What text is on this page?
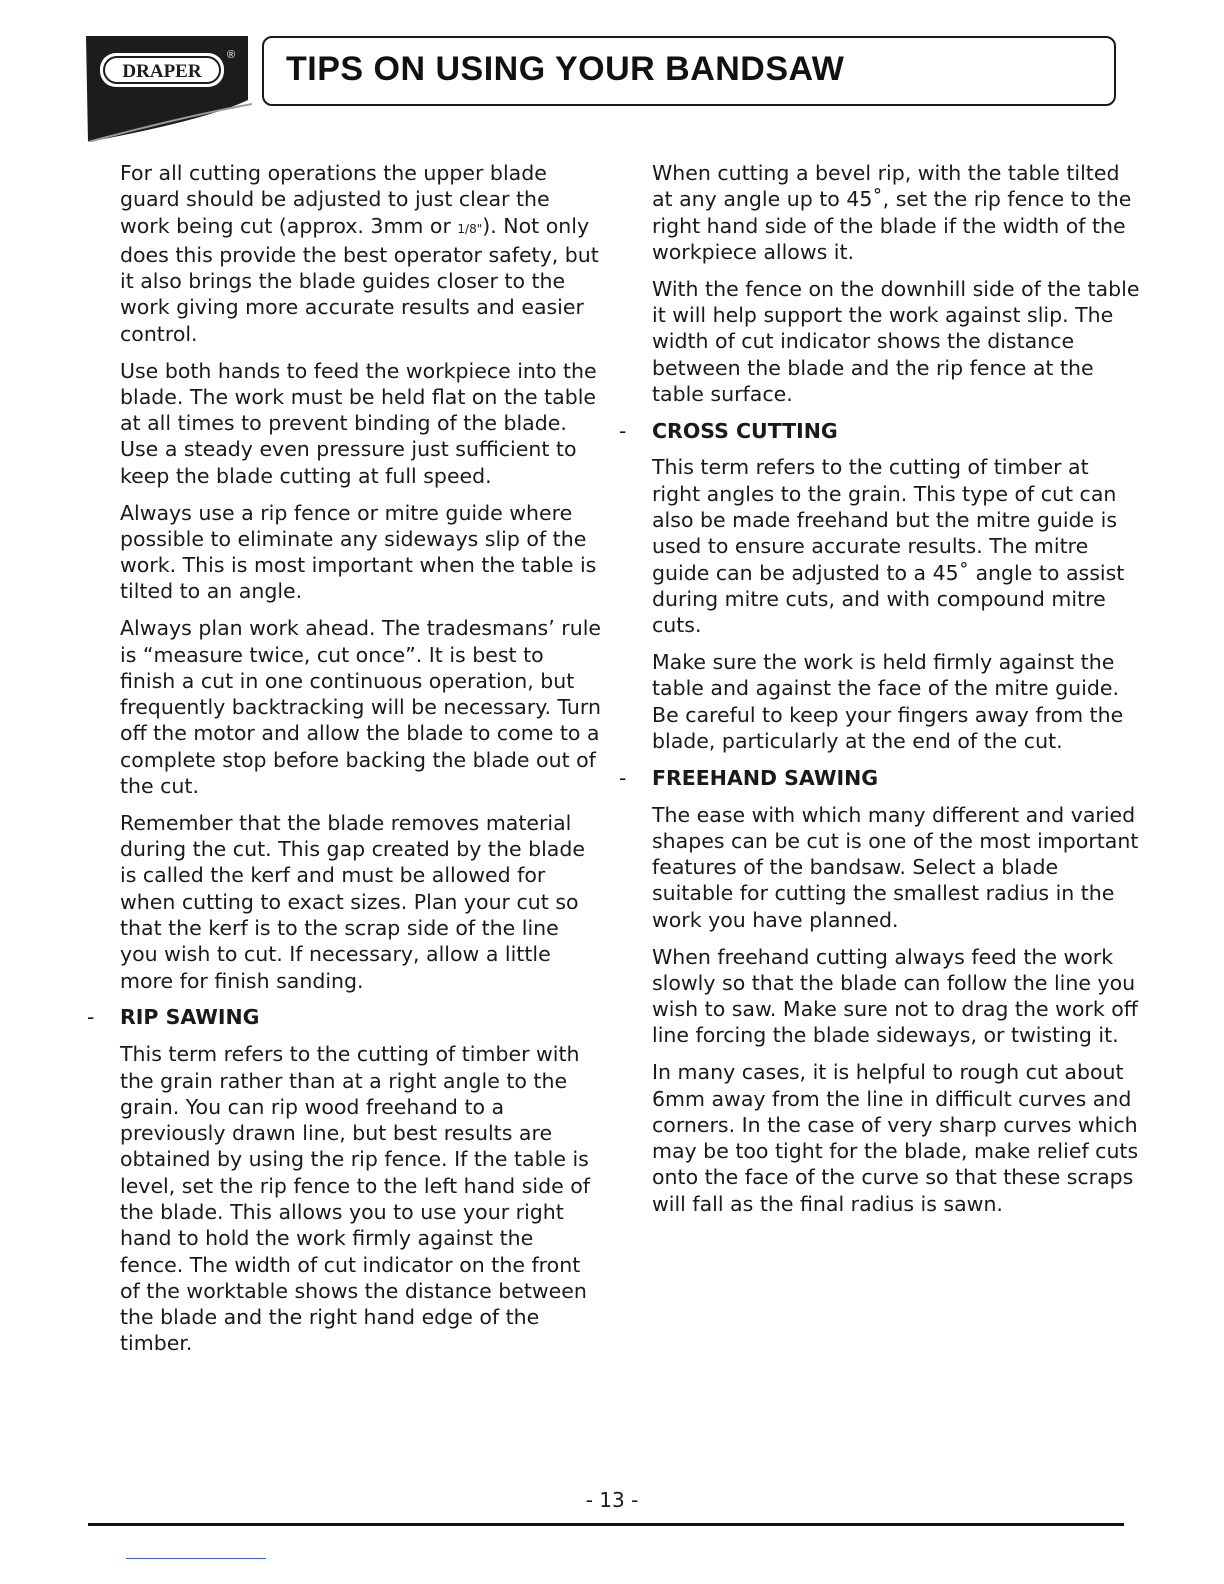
DRAPER
® TIPS ON USING YOUR BANDSAW

For all cutting operations the upper blade guard should be adjusted to just clear the work being cut (approx. 3mm or 1/8"). Not only does this provide the best operator safety, but it also brings the blade guides closer to the work giving more accurate results and easier control.

Use both hands to feed the workpiece into the blade. The work must be held flat on the table at all times to prevent binding of the blade. Use a steady even pressure just sufficient to keep the blade cutting at full speed.

Always use a rip fence or mitre guide where possible to eliminate any sideways slip of the work. This is most important when the table is tilted to an angle.

Always plan work ahead. The tradesmans’ rule is “measure twice, cut once”. It is best to finish a cut in one continuous operation, but frequently backtracking will be necessary. Turn off the motor and allow the blade to come to a complete stop before backing the blade out of the cut.

Remember that the blade removes material during the cut. This gap created by the blade is called the kerf and must be allowed for when cutting to exact sizes. Plan your cut so that the kerf is to the scrap side of the line you wish to cut. If necessary, allow a little more for finish sanding.

- RIP SAWING

This term refers to the cutting of timber with the grain rather than at a right angle to the grain. You can rip wood freehand to a previously drawn line, but best results are obtained by using the rip fence. If the table is level, set the rip fence to the left hand side of the blade. This allows you to use your right hand to hold the work firmly against the fence. The width of cut indicator on the front of the worktable shows the distance between the blade and the right hand edge of the timber.

When cutting a bevel rip, with the table tilted at any angle up to 45˚, set the rip fence to the right hand side of the blade if the width of the workpiece allows it.

With the fence on the downhill side of the table it will help support the work against slip. The width of cut indicator shows the distance between the blade and the rip fence at the table surface.

- CROSS CUTTING

This term refers to the cutting of timber at right angles to the grain. This type of cut can also be made freehand but the mitre guide is used to ensure accurate results. The mitre guide can be adjusted to a 45˚ angle to assist during mitre cuts, and with compound mitre cuts.

Make sure the work is held firmly against the table and against the face of the mitre guide. Be careful to keep your fingers away from the blade, particularly at the end of the cut.

- FREEHAND SAWING

The ease with which many different and varied shapes can be cut is one of the most important features of the bandsaw. Select a blade suitable for cutting the smallest radius in the work you have planned.

When freehand cutting always feed the work slowly so that the blade can follow the line you wish to saw. Make sure not to drag the work off line forcing the blade sideways, or twisting it.

In many cases, it is helpful to rough cut about 6mm away from the line in difficult curves and corners. In the case of very sharp curves which may be too tight for the blade, make relief cuts onto the face of the curve so that these scraps will fall as the final radius is sawn.

- 13 -
